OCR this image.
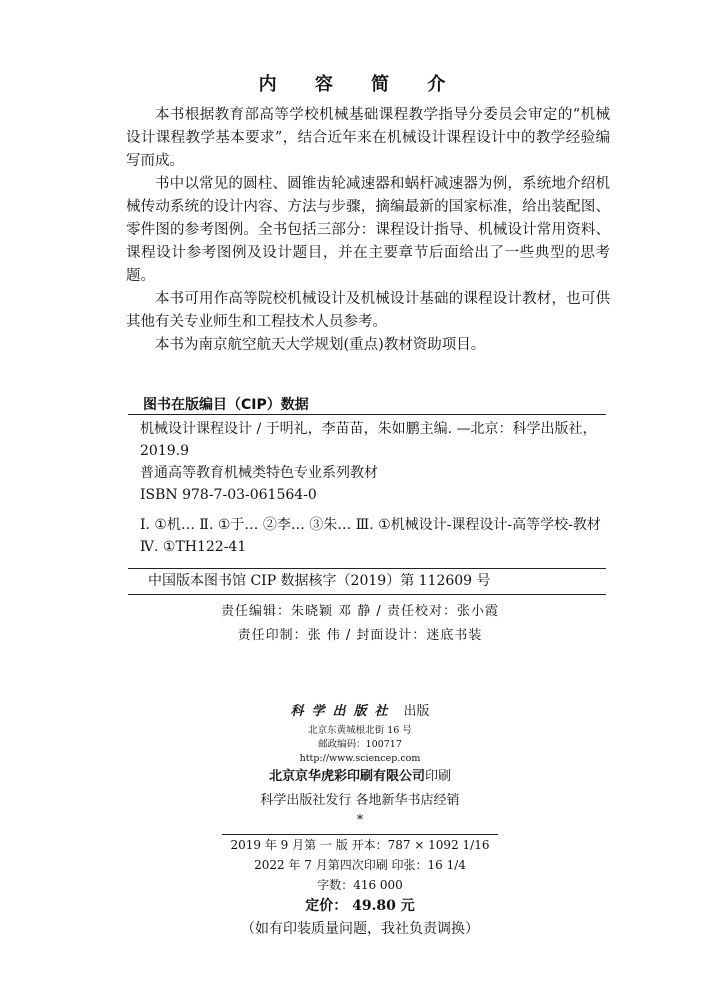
内 容 简 介

本书根据教育部高等学校机械基础课程教学指导分委员会审定的“机械设计课程教学基本要求”，结合近年来在机械设计课程设计中的教学经验编写而成。

书中以常见的圆柱、圆锥齿轮减速器和蜗杆减速器为例，系统地介绍机械传动系统的设计内容、方法与步骤，摘编最新的国家标准，给出装配图、零件图的参考图例。全书包括三部分：课程设计指导、机械设计常用资料、课程设计参考图例及设计题目，并在主要章节后面给出了一些典型的思考题。

本书可用作高等院校机械设计及机械设计基础的课程设计教材，也可供其他有关专业师生和工程技术人员参考。

本书为南京航空航天大学规划(重点)教材资助项目。

图书在版编目（CIP）数据

机械设计课程设计 / 于明礼，李苗苗，朱如鹏主编. —北京：科学出版社，2019.9

普通高等教育机械类特色专业系列教材

ISBN 978-7-03-061564-0

Ⅰ. ①机… Ⅱ. ①于… ②李… ③朱… Ⅲ. ①机械设计-课程设计-高等学校-教材 Ⅳ. ①TH122-41

中国版本图书馆 CIP 数据核字（2019）第 112609 号
责任编辑：朱晓颖 邓 静 / 责任校对：张小霞
责任印制：张 伟 / 封面设计：迷底书装

科学出版社 出版

北京东黄城根北街 16 号

邮政编码：100717

http://www.sciencep.com

北京京华虎彩印刷有限公司印刷

科学出版社发行 各地新华书店经销

*

2019 年 9 月第 一 版 开本：787 × 1092 1/16

2022 年 7 月第四次印刷 印张：16 1/4

字数：416 000

定价： 49.80 元

（如有印装质量问题，我社负责调换）
